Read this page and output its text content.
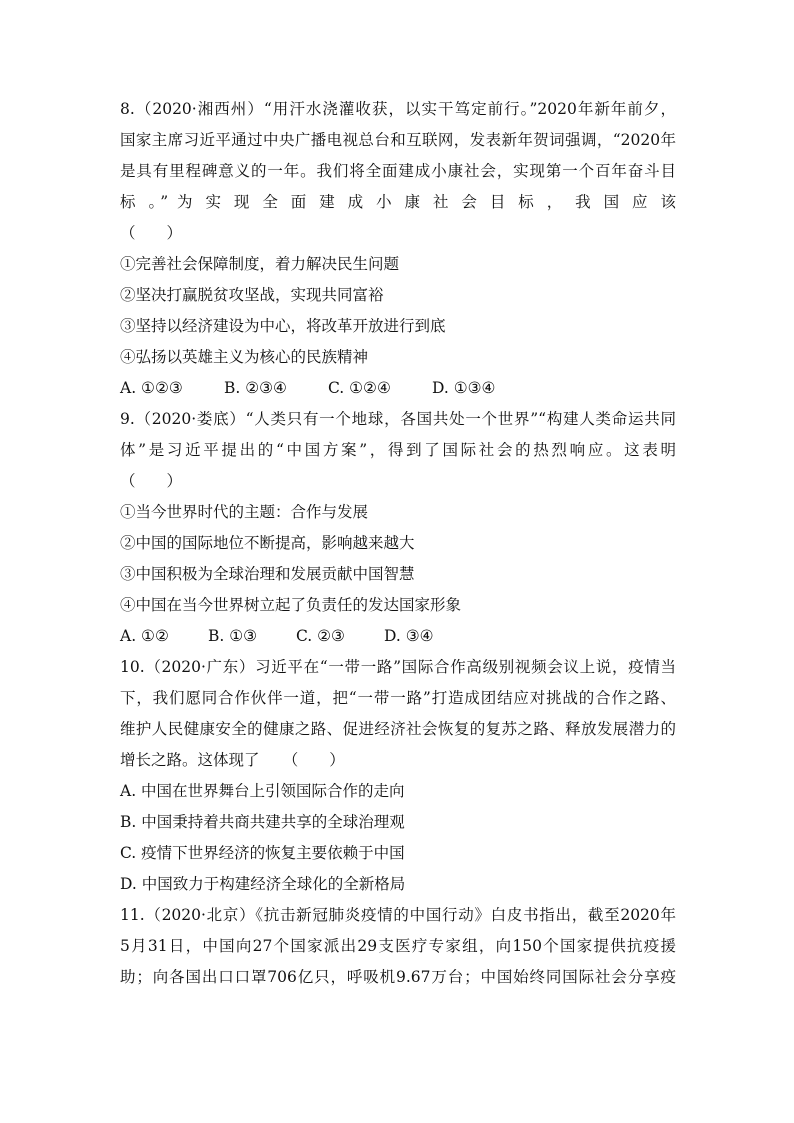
8.（2020·湘西州）“用汗水浇灌收获，以实干笃定前行。”2020年新年前夕，
国家主席习近平通过中央广播电视总台和互联网，发表新年贺词强调，“2020年
是具有里程碑意义的一年。我们将全面建成小康社会，实现第一个百年奋斗目
标 。” 为 实 现 全 面 建 成 小 康 社 会 目 标 ， 我 国 应 该
（　　）
①完善社会保障制度，着力解决民生问题
②坚决打赢脱贫攻坚战，实现共同富裕
③坚持以经济建设为中心，将改革开放进行到底
④弘扬以英雄主义为核心的民族精神
A. ①②③	B. ②③④	C. ①②④	D. ①③④
9.（2020·娄底）“人类只有一个地球，各国共处一个世界”“构建人类命运共同
体”是习近平提出的“中国方案”，得到了国际社会的热烈响应。这表明
（　　）
①当今世界时代的主题：合作与发展
②中国的国际地位不断提高，影响越来越大
③中国积极为全球治理和发展贡献中国智慧
④中国在当今世界树立起了负责任的发达国家形象
A. ①②	B. ①③	C. ②③	D. ③④
10.（2020·广东）习近平在“一带一路”国际合作高级别视频会议上说，疫情当
下，我们愿同合作伙伴一道，把“一带一路”打造成团结应对挑战的合作之路、
维护人民健康安全的健康之路、促进经济社会恢复的复苏之路、释放发展潜力的
增长之路。这体现了　　（　　）
A. 中国在世界舞台上引领国际合作的走向
B. 中国秉持着共商共建共享的全球治理观
C. 疫情下世界经济的恢复主要依赖于中国
D. 中国致力于构建经济全球化的全新格局
11.（2020·北京）《抗击新冠肺炎疫情的中国行动》白皮书指出，截至2020年
5月31日，中国向27个国家派出29支医疗专家组，向150个国家提供抗疫援
助；向各国出口口罩706亿只，呼吸机9.67万台；中国始终同国际社会分享疫
